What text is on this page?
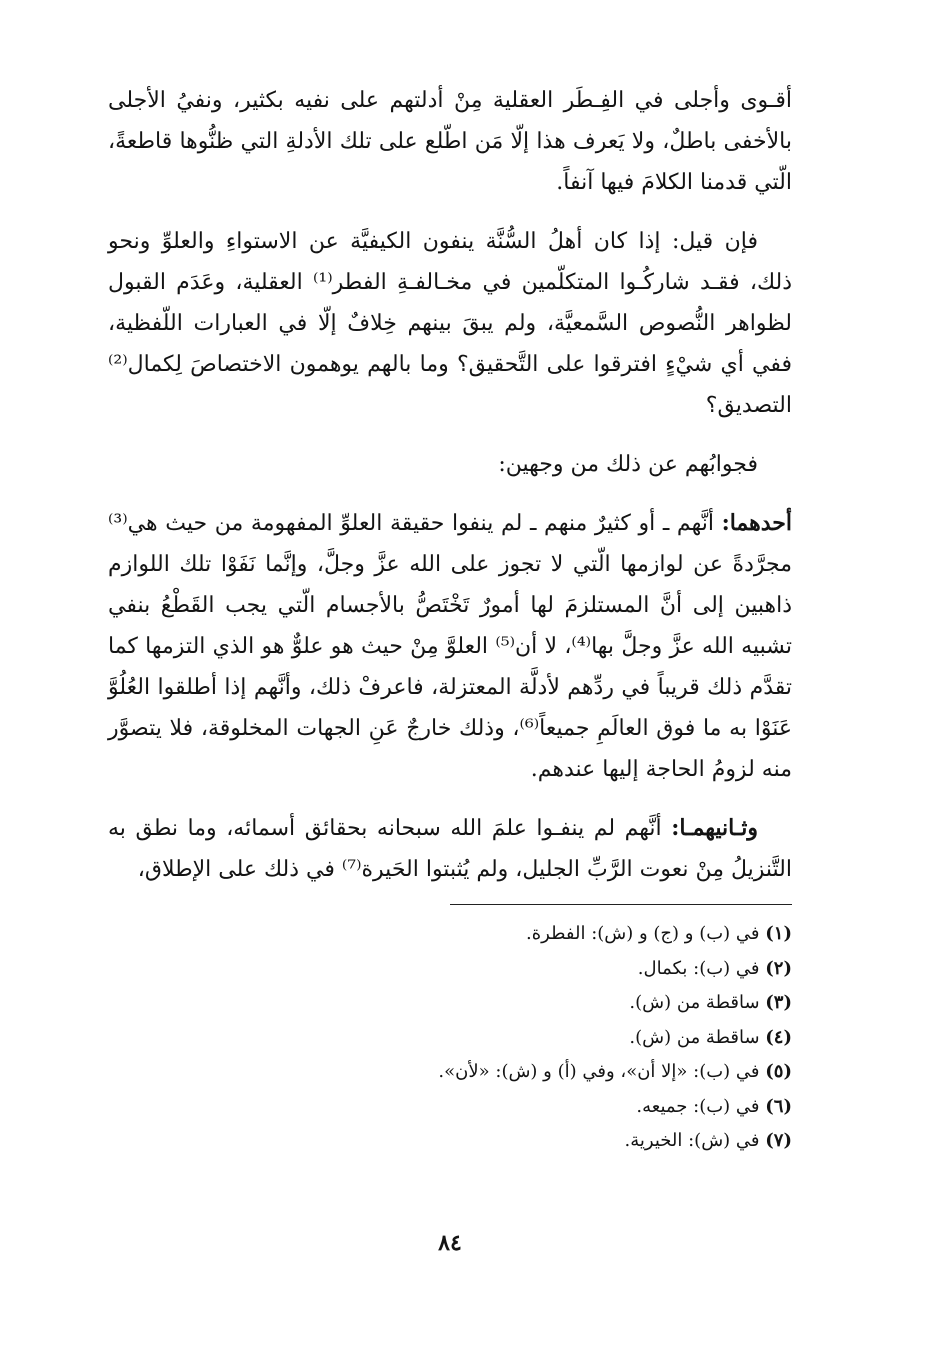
أقـوى وأجلى في الفِـطَر العقلية مِنْ أدلتهم على نفيه بكثير، ونفيُ الأجلى بالأخفى باطلٌ، ولا يَعرف هذا إلّا مَن اطّلع على تلك الأدلةِ التي ظنُّوها قاطعةً، الّتي قدمنا الكلامَ فيها آنفاً.

فإن قيل: إذا كان أهلُ السُّنَّة ينفون الكيفيَّة عن الاستواءِ والعلوِّ ونحو ذلك، فقـد شاركُـوا المتكلّمين في مخـالفـةِ الفطر⁽¹⁾ العقلية، وعَدَم القبول لظواهر النُّصوص السَّمعيَّة، ولم يبقَ بينهم خِلافٌ إلّا في العبارات اللّفظية، ففي أي شيْءٍ افترقوا على التَّحقيق؟ وما بالهم يوهمون الاختصاصَ لِكمال⁽²⁾ التصديق؟

فجوابُهم عن ذلك من وجهين:

أحدهما: أنَّهم ـ أو كثيرٌ منهم ـ لم ينفوا حقيقة العلوِّ المفهومة من حيث هي⁽³⁾ مجرَّدةً عن لوازمها الّتي لا تجوز على الله عزَّ وجلَّ، وإنَّما نَفَوْا تلك اللوازم ذاهبين إلى أنَّ المستلزمَ لها أمورٌ تَخْتَصُّ بالأجسام الّتي يجب القَطْعُ بنفي تشبيه الله عزَّ وجلَّ بها⁽⁴⁾، لا أن⁽⁵⁾ العلوَّ مِنْ حيث هو علوٌّ هو الذي التزمها كما تقدَّم ذلك قريباً في ردِّهم لأدلَّة المعتزلة، فاعرفْ ذلك، وأنَّهم إذا أطلقوا العُلُوَّ عَنَوْا به ما فوق العالَمِ جميعاً⁽⁶⁾، وذلك خارجٌ عَنِ الجهات المخلوقة، فلا يتصوَّر منه لزومُ الحاجة إليها عندهم.

وثـانيهمـا: أنَّهم لم ينفـوا علمَ الله سبحانه بحقائق أسمائه، وما نطق به التَّنزيلُ مِنْ نعوت الرَّبِّ الجليل، ولم يُثبتوا الحَيرة⁽⁷⁾ في ذلك على الإطلاق،

(١) في (ب) و (ج) و (ش): الفطرة.
(٢) في (ب): بكمال.
(٣) ساقطة من (ش).
(٤) ساقطة من (ش).
(٥) في (ب): «إلا أن»، وفي (أ) و (ش): «لأن».
(٦) في (ب): جميعه.
(٧) في (ش): الخيرية.
٨٤
